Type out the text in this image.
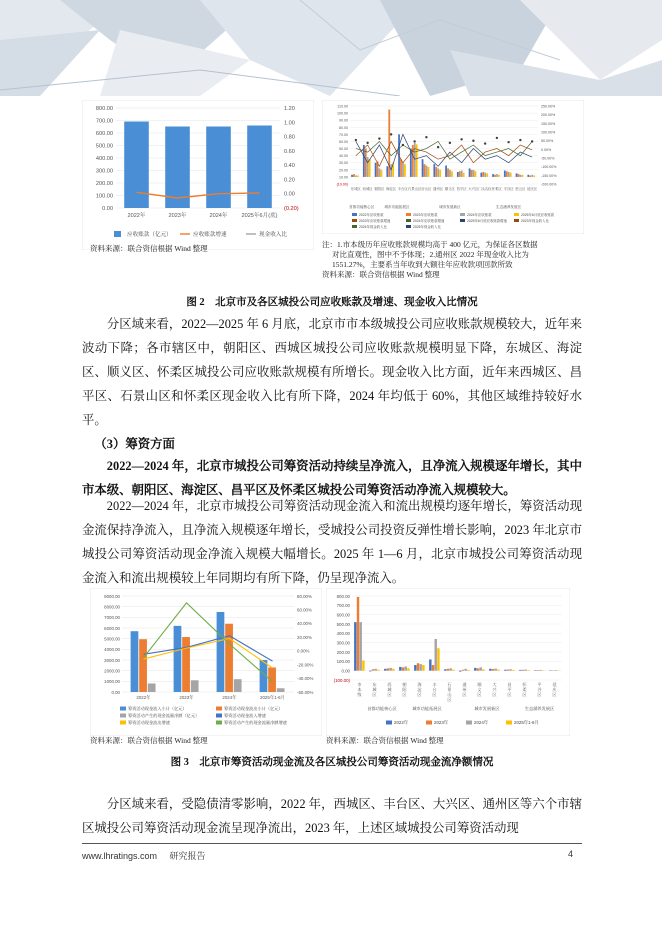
0.00
100.00
200.00
300.00
400.00
500.00
600.00
700.00
800.00
(0.20)
0.00
0.20
0.40
0.60
0.80
1.00
1.20
2022年	2023年	2024年 2025年6月(底)
应收账款（亿元）	应收账款增速	现金收入比
资料来源：联合资信根据 Wind 整理
(10.00)
10.00
20.00
30.00
40.00
50.00
60.00
70.00
80.00
90.00
100.00
110.00
-200.00%
-150.00%
-100.00%
-50.00%
0.00%
50.00%
100.00%
150.00%
200.00%
250.00%
东城区 西城区 朝阳区 海淀区 丰台区 石景山区 房山区 通州区 顺义区 昌平区 大兴区 门头沟区 怀柔区 平谷区 密云区 延庆区
首都功能核心区	城市功能拓展区	城市发展新区	生态涵养发展区
2022年应收账款	2023年应收账款	2024年应收账款	2025年6月底应收账款
2023年应收账款增速	2024年应收账款增速	2025年6月底应收账款增速	2023年现金收入比
2024年现金收入比	2025年现金收入比
注：1.市本级历年应收账款规模均高于 400 亿元，为保证各区数据
对比直观性，图中不予体现；2.通州区 2022 年现金收入比为
1551.27%，主要系当年收到大额往年应收款项回款所致
资料来源：联合资信根据 Wind 整理
图 2　北京市及各区城投公司应收账款及增速、现金收入比情况
分区域来看，2022—2025 年 6 月底，北京市市本级城投公司应收账款规模较大，近年来波动下降；各市辖区中，朝阳区、西城区城投公司应收账款规模明显下降，东城区、海淀区、顺义区、怀柔区城投公司应收账款规模有所增长。现金收入比方面，近年来西城区、昌平区、石景山区和怀柔区现金收入比有所下降，2024 年均低于 60%，其他区域维持较好水平。
（3）筹资方面
2022—2024 年，北京市城投公司筹资活动持续呈净流入，且净流入规模逐年增长，其中市本级、朝阳区、海淀区、昌平区及怀柔区城投公司筹资活动净流入规模较大。
2022—2024 年，北京市城投公司筹资活动现金流入和流出规模均逐年增长，筹资活动现金流保持净流入，且净流入规模逐年增长，受城投公司投资反弹性增长影响，2023 年北京市城投公司筹资活动现金净流入规模大幅增长。2025 年 1—6 月，北京市城投公司筹资活动现金流入和流出规模较上年同期均有所下降，仍呈现净流入。
0.00
1000.00
2000.00
3000.00
4000.00
5000.00
6000.00
7000.00
8000.00
9000.00
-60.00%
-40.00%
-20.00%
0.00%
20.00%
40.00%
60.00%
80.00%
2022年	2023年	2024年	2025年1-6月
筹资活动现金流入小计（亿元）	筹资活动现金流出小计（亿元）
筹资活动产生的现金流量净额（亿元）	筹资活动现金流入增速
筹资活动现金流出增速	筹资活动产生的现金流量净额增速
资料来源：联合资信根据 Wind 整理
(100.00)
0.00
100.00
200.00
300.00
400.00
500.00
600.00
700.00
800.00
市本级
东城区
西城区
朝阳区
海淀区
丰台区
石景山区
通州区
顺义区
大兴区
昌平区
怀柔区
平谷区
延庆区
首都功能核心区	城市功能拓展区	城市发展新区	生态涵养发展区
2022年	2023年	2024年	2025年1-6月
资料来源：联合资信根据 Wind 整理
图 3　北京市筹资活动现金流及各区城投公司筹资活动现金流净额情况
分区域来看，受隐债清零影响，2022 年，西城区、丰台区、大兴区、通州区等六个市辖区城投公司筹资活动现金流呈现净流出，2023 年，上述区域城投公司筹资活动现
www.lhratings.com 研究报告	4
